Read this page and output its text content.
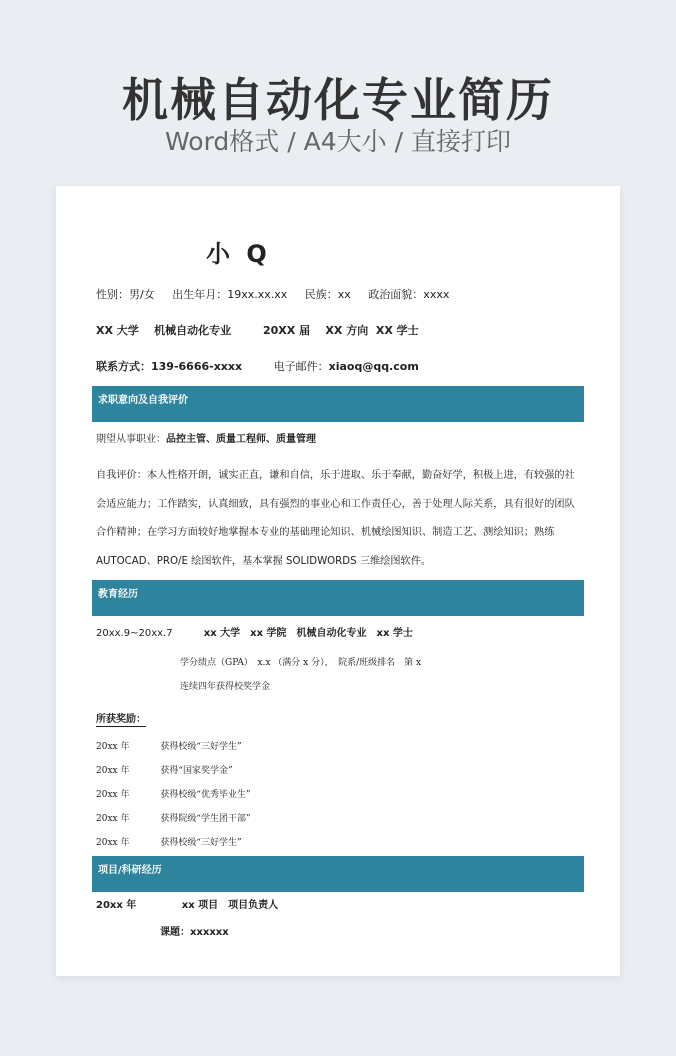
机械自动化专业简历
Word格式 / A4大小 / 直接打印
小 Q
性别：男/女 出生年月：19xx.xx.xx 民族：xx 政治面貌：xxxx
XX 大学 机械自动化专业	20XX 届 XX 方向 XX 学士
联系方式：139-6666-xxxx	电子邮件：xiaoq@qq.com
求职意向及自我评价
期望从事职业：品控主管、质量工程师、质量管理
自我评价：本人性格开朗，诚实正直，谦和自信，乐于进取、乐于奉献，勤奋好学，积极上进，有较强的社会适应能力；工作踏实，认真细致，具有强烈的事业心和工作责任心，善于处理人际关系，具有很好的团队合作精神；在学习方面较好地掌握本专业的基础理论知识、机械绘图知识、制造工艺、测绘知识；熟练 AUTOCAD、PRO/E 绘图软件，基本掌握 SOLIDWORDS 三维绘图软件。
教育经历
20xx.9~20xx.7	xx 大学　xx 学院　机械自动化专业　xx 学士
学分绩点（GPA）　x.x （满分 x 分），　院系/班级排名　第 x
连续四年获得校奖学金
所获奖励：
20xx 年	获得校级“三好学生”
20xx 年	获得“国家奖学金”
20xx 年	获得校级“优秀毕业生”
20xx 年	获得院级“学生团干部”
20xx 年	获得校级“三好学生”
项目/科研经历
20xx 年	xx 项目　项目负责人
课题：xxxxxx
